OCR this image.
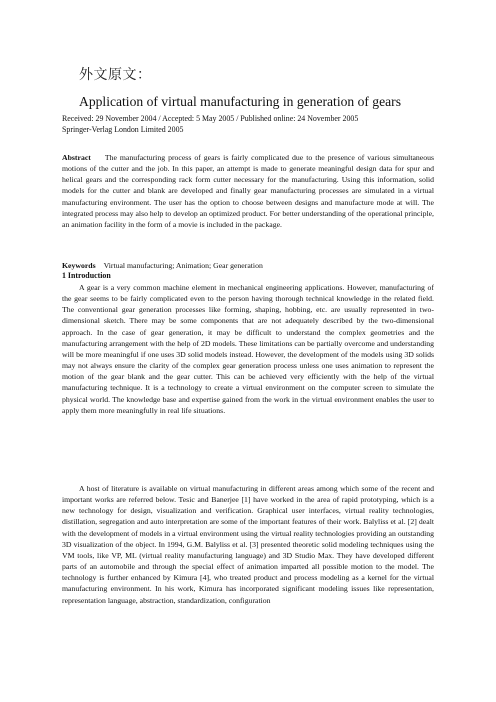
外文原文：
Application of virtual manufacturing in generation of gears
Received: 29 November 2004 / Accepted: 5 May 2005 / Published online: 24 November 2005
Springer-Verlag London Limited 2005

Abstract The manufacturing process of gears is fairly complicated due to the presence of various simultaneous motions of the cutter and the job. In this paper, an attempt is made to generate meaningful design data for spur and helical gears and the corresponding rack form cutter necessary for the manufacturing. Using this information, solid models for the cutter and blank are developed and finally gear manufacturing processes are simulated in a virtual manufacturing environment. The user has the option to choose between designs and manufacture mode at will. The integrated process may also help to develop an optimized product. For better understanding of the operational principle, an animation facility in the form of a movie is included in the package.

Keywords Virtual manufacturing; Animation; Gear generation

1 Introduction

A gear is a very common machine element in mechanical engineering applications. However, manufacturing of the gear seems to be fairly complicated even to the person having thorough technical knowledge in the related field. The conventional gear generation processes like forming, shaping, hobbing, etc. are usually represented in two-dimensional sketch. There may be some components that are not adequately described by the two-dimensional approach. In the case of gear generation, it may be difficult to understand the complex geometries and the manufacturing arrangement with the help of 2D models. These limitations can be partially overcome and understanding will be more meaningful if one uses 3D solid models instead. However, the development of the models using 3D solids may not always ensure the clarity of the complex gear generation process unless one uses animation to represent the motion of the gear blank and the gear cutter. This can be achieved very efficiently with the help of the virtual manufacturing technique. It is a technology to create a virtual environment on the computer screen to simulate the physical world. The knowledge base and expertise gained from the work in the virtual environment enables the user to apply them more meaningfully in real life situations.

A host of literature is available on virtual manufacturing in different areas among which some of the recent and important works are referred below. Tesic and Banerjee [1] have worked in the area of rapid prototyping, which is a new technology for design, visualization and verification. Graphical user interfaces, virtual reality technologies, distillation, segregation and auto interpretation are some of the important features of their work. Balyliss et al. [2] dealt with the development of models in a virtual environment using the virtual reality technologies providing an outstanding 3D visualization of the object. In 1994, G.M. Balyliss et al. [3] presented theoretic solid modeling techniques using the VM tools, like VP, ML (virtual reality manufacturing language) and 3D Studio Max. They have developed different parts of an automobile and through the special effect of animation imparted all possible motion to the model. The technology is further enhanced by Kimura [4], who treated product and process modeling as a kernel for the virtual manufacturing environment. In his work, Kimura has incorporated significant modeling issues like representation, representation language, abstraction, standardization, configuration
